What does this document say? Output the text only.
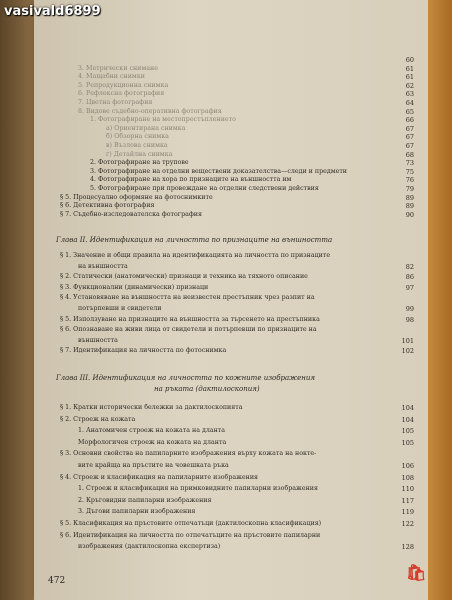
60
3. Метрически снимане	61
4. Мащабни снимки	61
5. Репродукционна снимка	62
6. Рефлексна фотография	63
7. Цветна фотография	64
8. Видове съдебно-оперативна фотография	65
1. Фотографиране на местопрестъплението	66
а) Ориентирана снимка	67
б) Обзорна снимка	67
в) Възлова снимка	67
г) Детайлна снимка	68
2. Фотографиране на трупове	73
3. Фотографиране на отделни веществени доказателства—следи и предмети	75
4. Фотографиране на хора по признаците на външността им	76
5. Фотографиране при провеждане на отделни следствени действия	79
§ 5. Процесуално оформяне на фотоснимките	89
§ 6. Детективна фотография	89
§ 7. Съдебно-изследователска фотография	90
Глава II. Идентификация на личността по признаците на външността
§ 1. Значение и общи правила на идентификацията на личността по признаците
на външността	82
§ 2. Статически (анатомически) признаци и техника на тяхното описание	86
§ 3. Функционални (динамически) признаци	97
§ 4. Установяване на външността на неизвестен престъпник чрез разпит на
потърпевши и свидетели	99
§ 5. Използуване на признаците на външността за търсенето на престъпника	98
§ 6. Опознаване на живи лица от свидетели и потърпевши по признаците на
външността	101
§ 7. Идентификация на личността по фотоснимка	102
Глава III. Идентификация на личността по кожните изображения
на ръката (дактилоскопия)
§ 1. Кратки исторически бележки за дактилоскопията	104
§ 2. Строеж на кожата	104
1. Анатомичен строеж на кожата на дланта	105
Морфологичен строеж на кожата на дланта	105
§ 3. Основни свойства на папиларните изображения върху кожата на нокте-
вите крайща на пръстите на човешката ръка	106
§ 4. Строеж и класификация на папиларните изображения	108
1. Строеж и класификация на примковидните папиларни изображения	110
2. Кръговидни папиларни изображения	117
3. Дъгови папиларни изображения	119
§ 5. Класификация на пръстовите отпечатъци (дактилоскопна класификация)	122
§ 6. Идентификация на личността по отпечатъците на пръстовите папиларни
изображения (дактилоскопна експертиза)	128
472
vasivald6899
🛍
